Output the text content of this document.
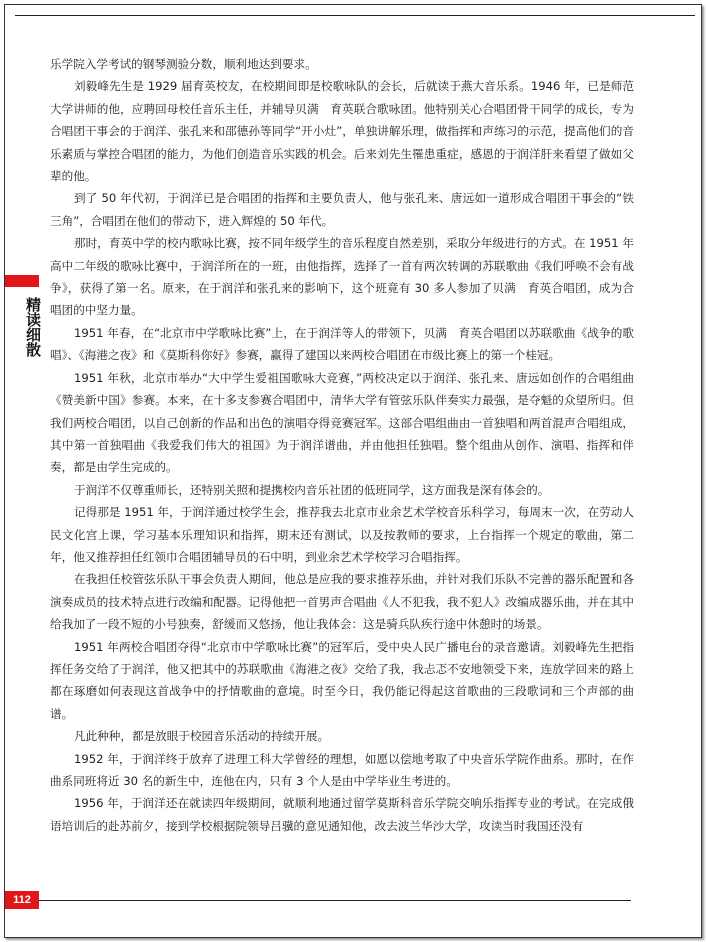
精读细散

乐学院入学考试的钢琴测验分数，顺利地达到要求。

刘毅峰先生是 1929 届育英校友，在校期间即是校歌咏队的会长，后就读于燕大音乐系。1946 年，已是师范大学讲师的他，应聘回母校任音乐主任，并辅导贝满　育英联合歌咏团。他特别关心合唱团骨干同学的成长，专为合唱团干事会的于润洋、张孔来和邵德孙等同学“开小灶”，单独讲解乐理，做指挥和声练习的示范，提高他们的音乐素质与掌控合唱团的能力，为他们创造音乐实践的机会。后来刘先生罹患重症，感恩的于润洋肝来看望了做如父辈的他。

到了 50 年代初，于润洋已是合唱团的指挥和主要负责人，他与张孔来、唐远如一道形成合唱团干事会的“铁三角”，合唱团在他们的带动下，进入辉煌的 50 年代。

那时，育英中学的校内歌咏比赛，按不同年级学生的音乐程度自然差别，采取分年级进行的方式。在 1951 年高中二年级的歌咏比赛中，于润洋所在的一班，由他指挥，选择了一首有两次转调的苏联歌曲《我们呼唤不会有战争》，获得了第一名。原来，在于润洋和张孔来的影响下，这个班竟有 30 多人参加了贝满　育英合唱团，成为合唱团的中坚力量。

1951 年春，在“北京市中学歌咏比赛”上，在于润洋等人的带领下，贝满　育英合唱团以苏联歌曲《战争的歌唱》、《海港之夜》和《莫斯科你好》参赛，赢得了建国以来两校合唱团在市级比赛上的第一个桂冠。

1951 年秋，北京市举办“大中学生爱祖国歌咏大竞赛，”两校决定以于润洋、张孔来、唐远如创作的合唱组曲《赞美新中国》参赛。本来，在十多支参赛合唱团中，清华大学有管弦乐队伴奏实力最强，是夺魁的众望所归。但我们两校合唱团，以自己创新的作品和出色的演唱夺得竞赛冠军。这部合唱组曲由一首独唱和两首混声合唱组成，其中第一首独唱曲《我爱我们伟大的祖国》为于润洋谱曲，并由他担任独唱。整个组曲从创作、演唱、指挥和伴奏，都是由学生完成的。

于润洋不仅尊重师长，还特别关照和提携校内音乐社团的低班同学，这方面我是深有体会的。

记得那是 1951 年，于润洋通过校学生会，推荐我去北京市业余艺术学校音乐科学习，每周末一次，在劳动人民文化宫上课，学习基本乐理知识和指挥，期末还有测试，以及按教师的要求，上台指挥一个规定的歌曲，第二年，他又推荐担任红领巾合唱团辅导员的石中明，到业余艺术学校学习合唱指挥。

在我担任校管弦乐队干事会负责人期间，他总是应我的要求推荐乐曲，并针对我们乐队不完善的器乐配置和各演奏成员的技术特点进行改编和配器。记得他把一首男声合唱曲《人不犯我，我不犯人》改编成器乐曲，并在其中给我加了一段不短的小号独奏，舒缓而又悠扬，他让我体会：这是骑兵队疾行途中休憩时的场景。

1951 年两校合唱团夺得“北京市中学歌咏比赛”的冠军后，受中央人民广播电台的录音邀请。刘毅峰先生把指挥任务交给了于润洋，他又把其中的苏联歌曲《海港之夜》交给了我，我忐忑不安地领受下来，连放学回来的路上都在琢磨如何表现这首战争中的抒情歌曲的意境。时至今日，我仍能记得起这首歌曲的三段歌词和三个声部的曲谱。

凡此种种，都是放眼于校园音乐活动的持续开展。

1952 年，于润洋终于放弃了进理工科大学曾经的理想，如愿以偿地考取了中央音乐学院作曲系。那时，在作曲系同班将近 30 名的新生中，连他在内，只有 3 个人是由中学毕业生考进的。

1956 年，于润洋还在就读四年级期间，就顺利地通过留学莫斯科音乐学院交响乐指挥专业的考试。在完成俄语培训后的赴苏前夕，接到学校根据院领导吕骥的意见通知他，改去波兰华沙大学，攻读当时我国还没有

112
